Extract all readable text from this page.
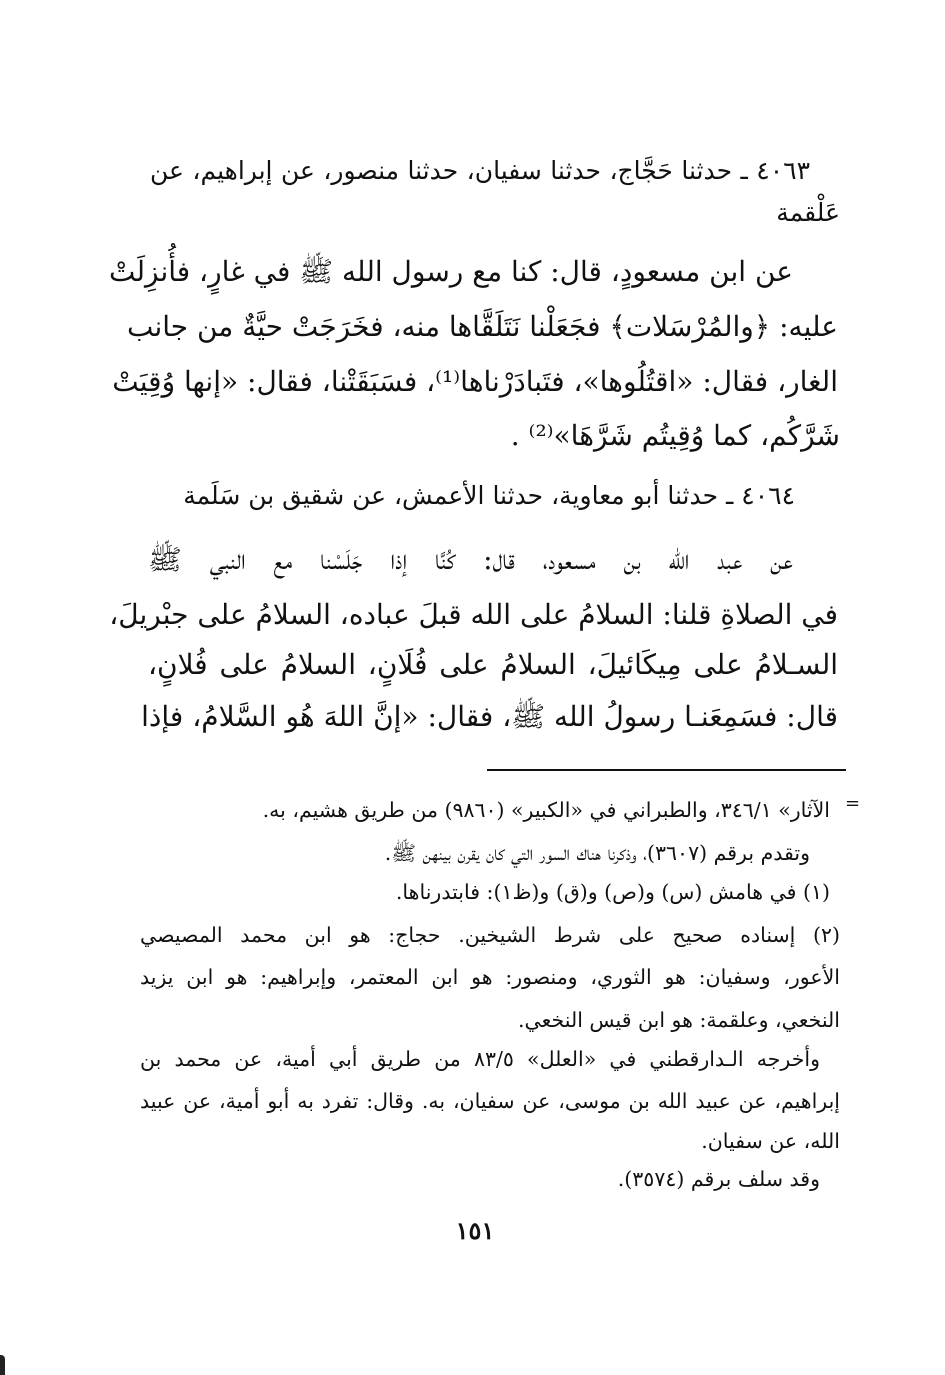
٤٠٦٣ ـ حدثنا حَجَّاج، حدثنا سفيان، حدثنا منصور، عن إبراهيم، عن
عَلْقمة
عن ابن مسعودٍ، قال: كنا مع رسول الله ﷺ في غارٍ، فأُنزِلَتْ
عليه: ﴿والمُرْسَلات﴾ فجَعَلْنا نَتَلَقَّاها منه، فخَرَجَتْ حيَّةٌ من جانب
الغار، فقال: «اقتُلُوها»، فتَبادَرْناها⁽¹⁾، فسَبَقَتْنا، فقال: «إنها وُقِيَتْ
شَرَّكُم، كما وُقِيتُم شَرَّهَا»⁽²⁾ .
٤٠٦٤ ـ حدثنا أبو معاوية، حدثنا الأعمش، عن شقيق بن سَلَمة
عن عبد الله بن مسعود، قال: كُنَّا إذا جَلَسْنا مع النبي ﷺ
في الصلاةِ قلنا: السلامُ على الله قبلَ عباده، السلامُ على جبْريلَ،
السـلامُ على مِيكَائيلَ، السلامُ على فُلَانٍ، السلامُ على فُلانٍ،
قال: فسَمِعَنـا رسولُ الله ﷺ، فقال: «إنَّ اللهَ هُو السَّلامُ، فإذا
=
الآثار» ٣٤٦/١، والطبراني في «الكبير» (٩٨٦٠) من طريق هشيم، به.
وتقدم برقم (٣٦٠٧)، وذكرنا هناك السور التي كان يقرن بينهن ﷺ.
(١) في هامش (س) و(ص) و(ق) و(ظ١): فابتدرناها.
(٢) إسناده صحيح على شرط الشيخين. حجاج: هو ابن محمد المصيصي
الأعور، وسفيان: هو الثوري، ومنصور: هو ابن المعتمر، وإبراهيم: هو ابن يزيد
النخعي، وعلقمة: هو ابن قيس النخعي.
وأخرجه الـدارقطني في «العلل» ٨٣/٥ من طريق أبي أمية، عن محمد بن
إبراهيم، عن عبيد الله بن موسى، عن سفيان، به. وقال: تفرد به أبو أمية، عن عبيد
الله، عن سفيان.
وقد سلف برقم (٣٥٧٤).
١٥١
